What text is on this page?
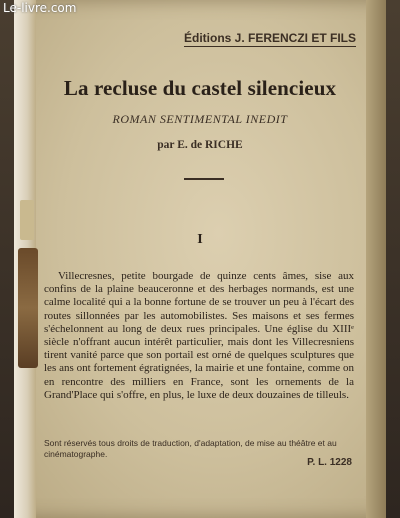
Le-livre.com
Éditions J. FERENCZI ET FILS
La recluse du castel silencieux
ROMAN SENTIMENTAL INEDIT
par E. de RICHE
I
Villecresnes, petite bourgade de quinze cents âmes, sise aux confins de la plaine beauceronne et des herbages normands, est une calme localité qui a la bonne fortune de se trouver un peu à l'écart des routes sillonnées par les automobilistes. Ses maisons et ses fermes s'échelonnent au long de deux rues principales. Une église du XIIIᵉ siècle n'offrant aucun intérêt particulier, mais dont les Villecresniens tirent vanité parce que son portail est orné de quelques sculptures que les ans ont fortement égratignées, la mairie et une fontaine, comme on en rencontre des milliers en France, sont les ornements de la Grand'Place qui s'offre, en plus, le luxe de deux douzaines de tilleuls.
Sont réservés tous droits de traduction, d'adaptation, de mise au théâtre et au cinématographe.
P. L. 1228
